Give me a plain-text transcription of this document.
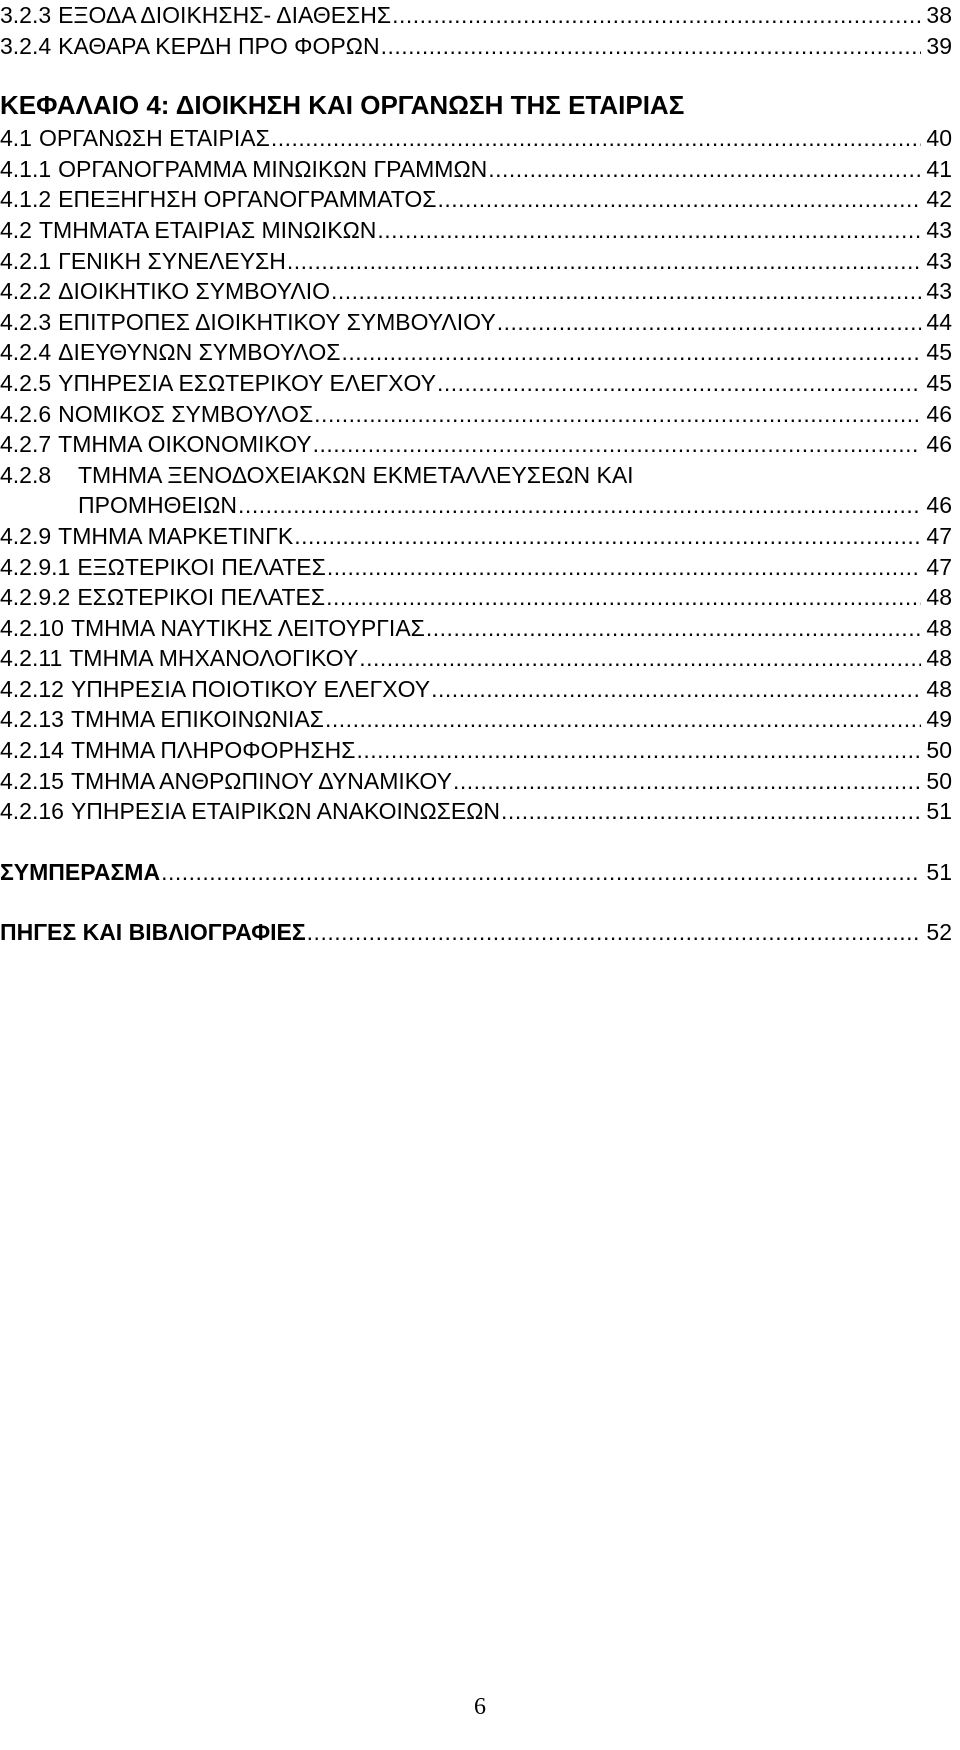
3.2.3 ΕΞΟΔΑ ΔΙΟΙΚΗΣΗΣ- ΔΙΑΘΕΣΗΣ .....	38
3.2.4 ΚΑΘΑΡΑ ΚΕΡΔΗ ΠΡΟ ΦΟΡΩΝ .....	39
ΚΕΦΑΛΑΙΟ 4: ΔΙΟΙΚΗΣΗ ΚΑΙ ΟΡΓΑΝΩΣΗ ΤΗΣ ΕΤΑΙΡΙΑΣ
4.1 ΟΡΓΑΝΩΣΗ ΕΤΑΙΡΙΑΣ .....	40
4.1.1 ΟΡΓΑΝΟΓΡΑΜΜΑ ΜΙΝΩΙΚΩΝ ΓΡΑΜΜΩΝ .....	41
4.1.2 ΕΠΕΞΗΓΗΣΗ ΟΡΓΑΝΟΓΡΑΜΜΑΤΟΣ .....	42
4.2 ΤΜΗΜΑΤΑ ΕΤΑΙΡΙΑΣ ΜΙΝΩΙΚΩΝ .....	43
4.2.1 ΓΕΝΙΚΗ ΣΥΝΕΛΕΥΣΗ .....	43
4.2.2 ΔΙΟΙΚΗΤΙΚΟ ΣΥΜΒΟΥΛΙΟ .....	43
4.2.3 ΕΠΙΤΡΟΠΕΣ ΔΙΟΙΚΗΤΙΚΟΥ ΣΥΜΒΟΥΛΙΟΥ .....	44
4.2.4 ΔΙΕΥΘΥΝΩΝ ΣΥΜΒΟΥΛΟΣ .....	45
4.2.5 ΥΠΗΡΕΣΙΑ ΕΣΩΤΕΡΙΚΟΥ ΕΛΕΓΧΟΥ .....	45
4.2.6 ΝΟΜΙΚΟΣ ΣΥΜΒΟΥΛΟΣ .....	46
4.2.7 ΤΜΗΜΑ ΟΙΚΟΝΟΜΙΚΟΥ .....	46
4.2.8 ΤΜΗΜΑ ΞΕΝΟΔΟΧΕΙΑΚΩΝ ΕΚΜΕΤΑΛΛΕΥΣΕΩΝ ΚΑΙ
ΠΡΟΜΗΘΕΙΩΝ .....	46
4.2.9 ΤΜΗΜΑ ΜΑΡΚΕΤΙΝΓΚ .....	47
4.2.9.1 ΕΞΩΤΕΡΙΚΟΙ ΠΕΛΑΤΕΣ .....	47
4.2.9.2 ΕΣΩΤΕΡΙΚΟΙ ΠΕΛΑΤΕΣ .....	48
4.2.10 ΤΜΗΜΑ ΝΑΥΤΙΚΗΣ ΛΕΙΤΟΥΡΓΙΑΣ .....	48
4.2.11 ΤΜΗΜΑ ΜΗΧΑΝΟΛΟΓΙΚΟΥ .....	48
4.2.12 ΥΠΗΡΕΣΙΑ ΠΟΙΟΤΙΚΟΥ ΕΛΕΓΧΟΥ .....	48
4.2.13 ΤΜΗΜΑ ΕΠΙΚΟΙΝΩΝΙΑΣ .....	49
4.2.14 ΤΜΗΜΑ ΠΛΗΡΟΦΟΡΗΣΗΣ .....	50
4.2.15 ΤΜΗΜΑ ΑΝΘΡΩΠΙΝΟΥ ΔΥΝΑΜΙΚΟΥ .....	50
4.2.16 ΥΠΗΡΕΣΙΑ ΕΤΑΙΡΙΚΩΝ ΑΝΑΚΟΙΝΩΣΕΩΝ .....	51
ΣΥΜΠΕΡΑΣΜΑ .....	51
ΠΗΓΕΣ ΚΑΙ ΒΙΒΛΙΟΓΡΑΦΙΕΣ .....	52
6
